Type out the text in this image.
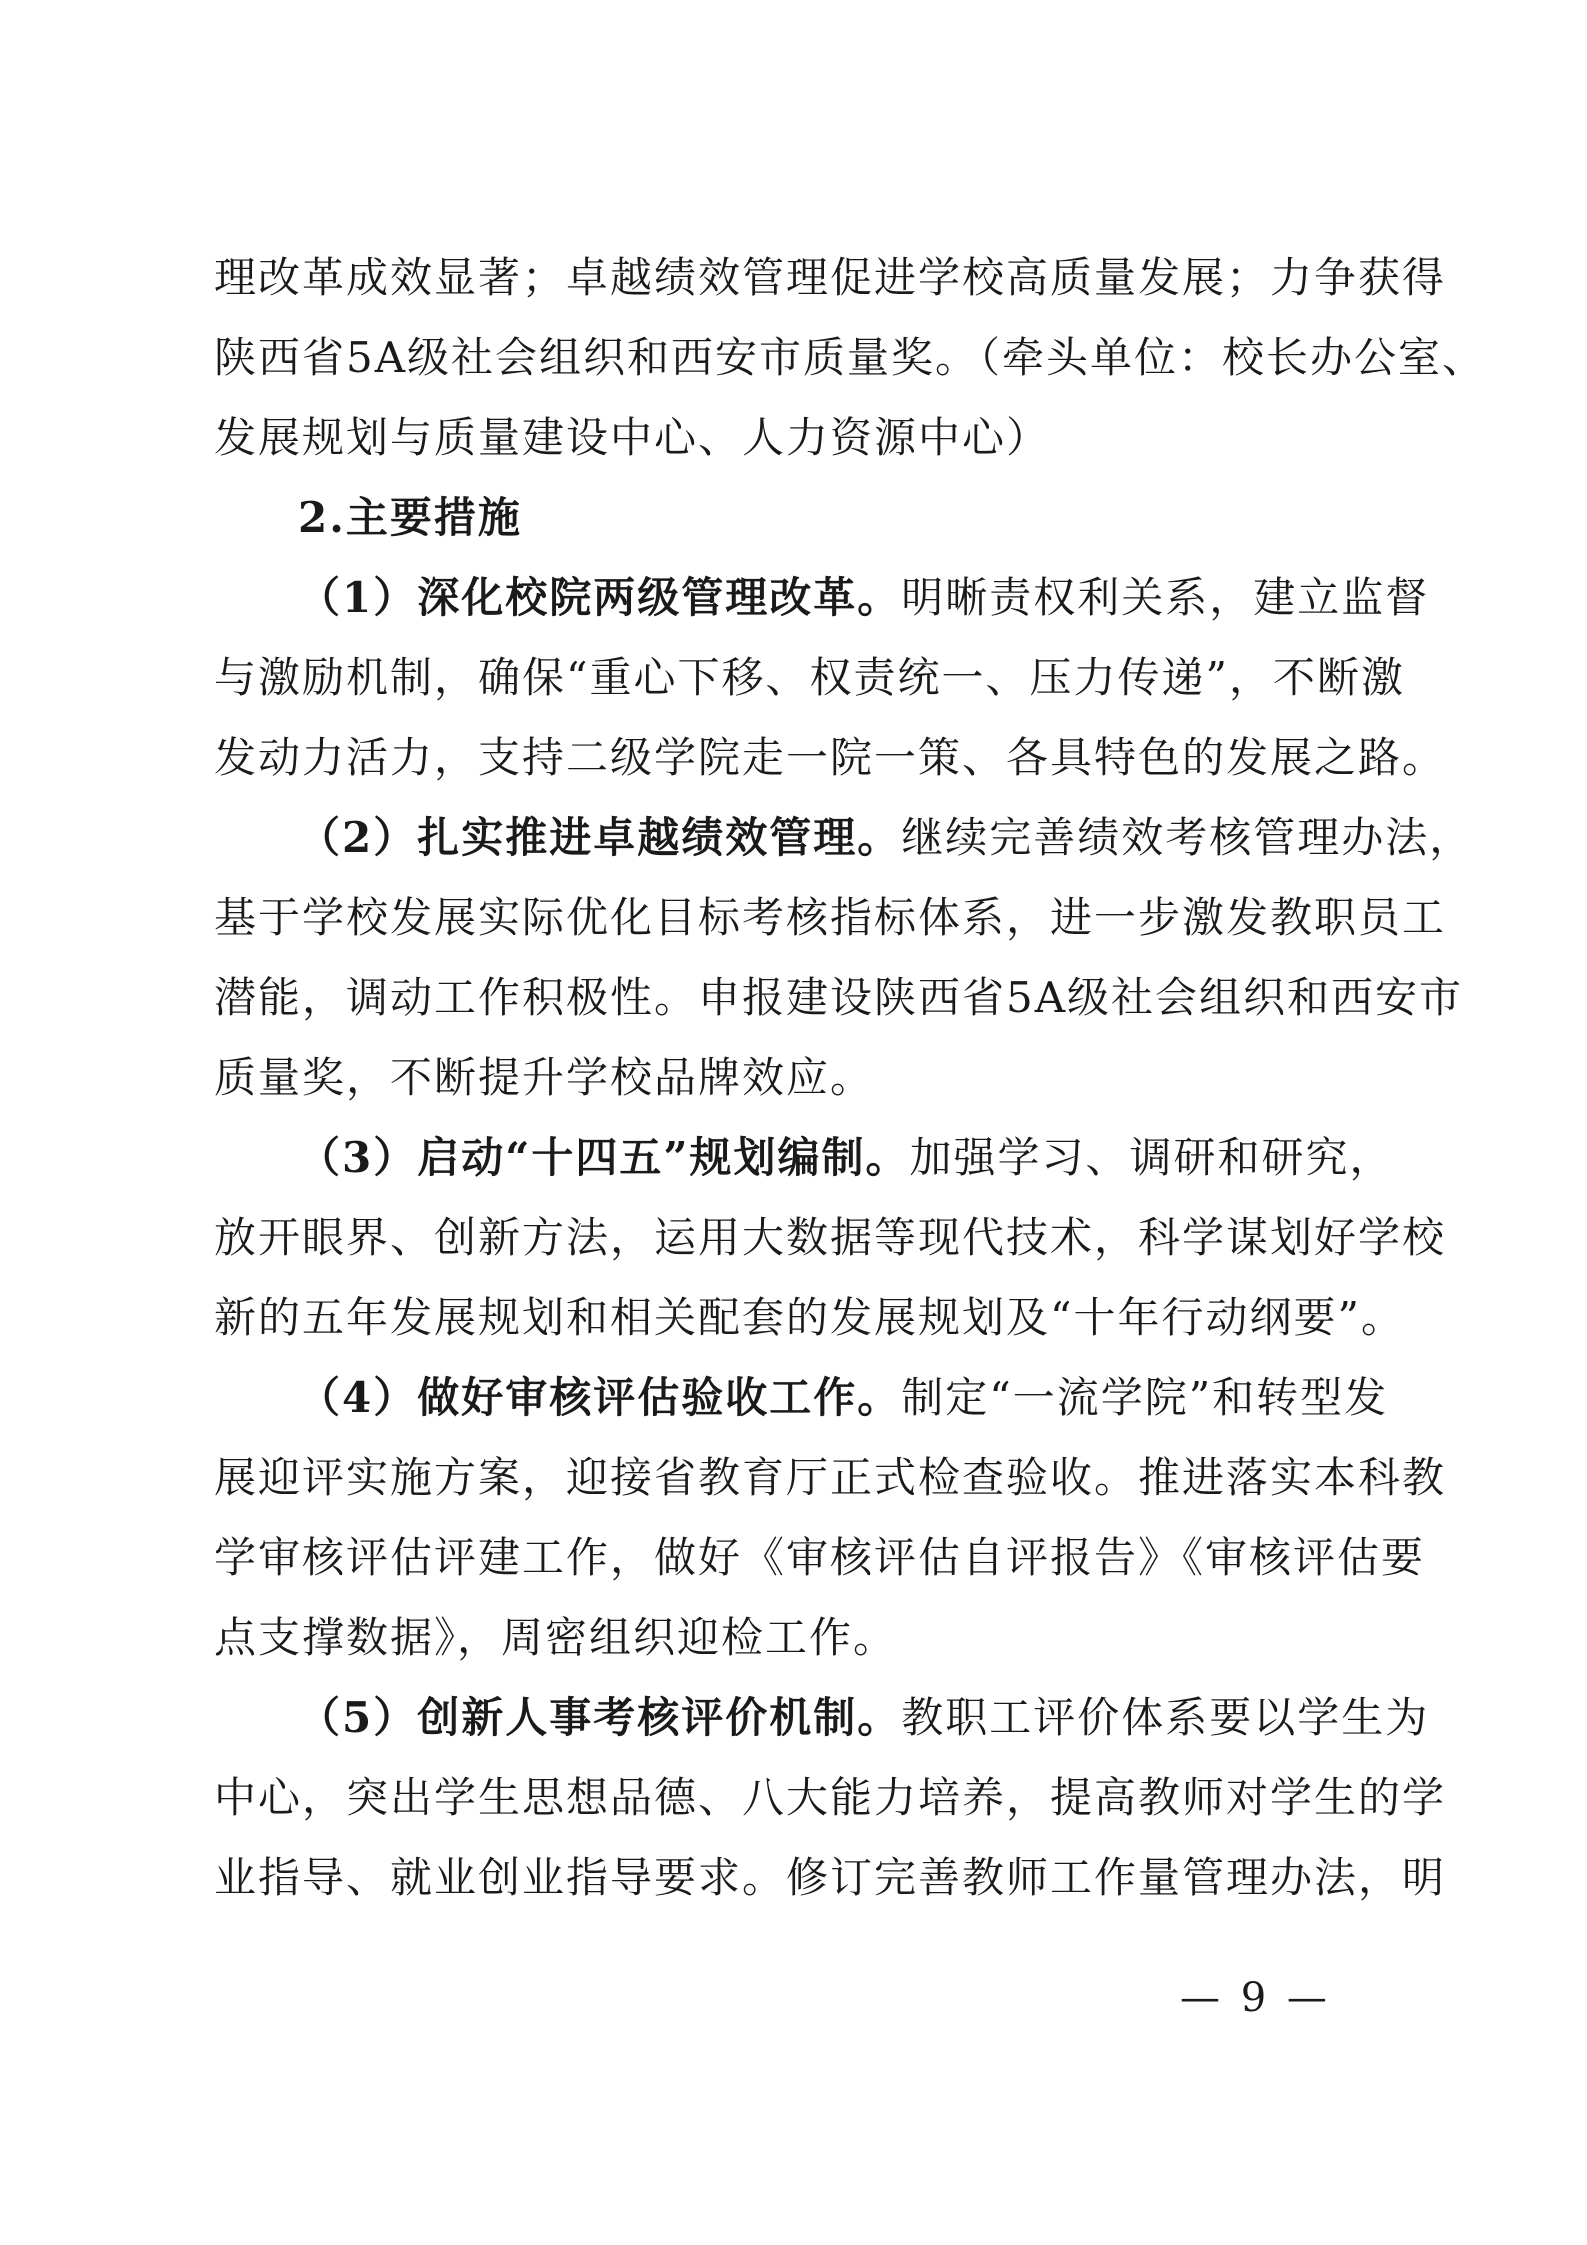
理改革成效显著；卓越绩效管理促进学校高质量发展；力争获得
陕西省5A级社会组织和西安市质量奖。（牵头单位：校长办公室、
发展规划与质量建设中心、人力资源中心）
2.主要措施
（1）深化校院两级管理改革。明晰责权利关系，建立监督
与激励机制，确保“重心下移、权责统一、压力传递”，不断激
发动力活力，支持二级学院走一院一策、各具特色的发展之路。
（2）扎实推进卓越绩效管理。继续完善绩效考核管理办法，
基于学校发展实际优化目标考核指标体系，进一步激发教职员工
潜能，调动工作积极性。申报建设陕西省5A级社会组织和西安市
质量奖，不断提升学校品牌效应。
（3）启动“十四五”规划编制。加强学习、调研和研究，
放开眼界、创新方法，运用大数据等现代技术，科学谋划好学校
新的五年发展规划和相关配套的发展规划及“十年行动纲要”。
（4）做好审核评估验收工作。制定“一流学院”和转型发
展迎评实施方案，迎接省教育厅正式检查验收。推进落实本科教
学审核评估评建工作，做好《审核评估自评报告》《审核评估要
点支撑数据》，周密组织迎检工作。
（5）创新人事考核评价机制。教职工评价体系要以学生为
中心，突出学生思想品德、八大能力培养，提高教师对学生的学
业指导、就业创业指导要求。修订完善教师工作量管理办法，明
— 9 —
